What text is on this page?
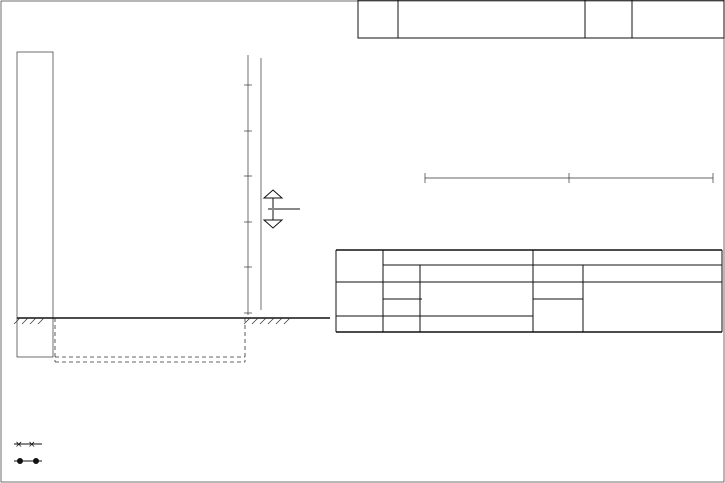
× ×
